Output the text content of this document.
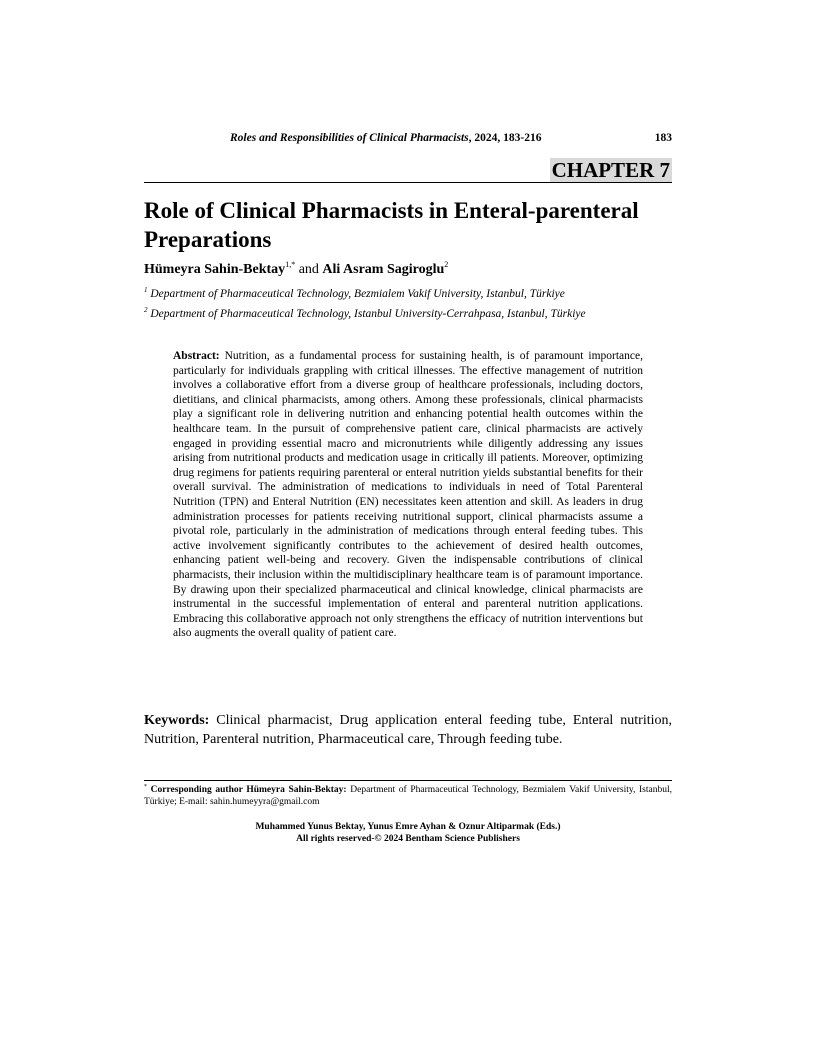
Roles and Responsibilities of Clinical Pharmacists, 2024, 183-216	183
CHAPTER 7
Role of Clinical Pharmacists in Enteral-parenteral Preparations
Hümeyra Sahin-Bektay$^{1,*}$ and Ali Asram Sagiroglu$^2$
$^1$ Department of Pharmaceutical Technology, Bezmialem Vakif University, Istanbul, Türkiye
$^2$ Department of Pharmaceutical Technology, Istanbul University-Cerrahpasa, Istanbul, Türkiye

Abstract: Nutrition, as a fundamental process for sustaining health, is of paramount importance, particularly for individuals grappling with critical illnesses. The effective management of nutrition involves a collaborative effort from a diverse group of healthcare professionals, including doctors, dietitians, and clinical pharmacists, among others. Among these professionals, clinical pharmacists play a significant role in delivering nutrition and enhancing potential health outcomes within the healthcare team. In the pursuit of comprehensive patient care, clinical pharmacists are actively engaged in providing essential macro and micronutrients while diligently addressing any issues arising from nutritional products and medication usage in critically ill patients. Moreover, optimizing drug regimens for patients requiring parenteral or enteral nutrition yields substantial benefits for their overall survival. The administration of medications to individuals in need of Total Parenteral Nutrition (TPN) and Enteral Nutrition (EN) necessitates keen attention and skill. As leaders in drug administration processes for patients receiving nutritional support, clinical pharmacists assume a pivotal role, particularly in the administration of medications through enteral feeding tubes. This active involvement significantly contributes to the achievement of desired health outcomes, enhancing patient well-being and recovery. Given the indispensable contributions of clinical pharmacists, their inclusion within the multidisciplinary healthcare team is of paramount importance. By drawing upon their specialized pharmaceutical and clinical knowledge, clinical pharmacists are instrumental in the successful implementation of enteral and parenteral nutrition applications. Embracing this collaborative approach not only strengthens the efficacy of nutrition interventions but also augments the overall quality of patient care.

Keywords: Clinical pharmacist, Drug application enteral feeding tube, Enteral nutrition, Nutrition, Parenteral nutrition, Pharmaceutical care, Through feeding tube.

* Corresponding author Hümeyra Sahin-Bektay: Department of Pharmaceutical Technology, Bezmialem Vakif University, Istanbul, Türkiye; E-mail: sahin.humeyyra@gmail.com

Muhammed Yunus Bektay, Yunus Emre Ayhan & Oznur Altiparmak (Eds.)
All rights reserved-© 2024 Bentham Science Publishers
